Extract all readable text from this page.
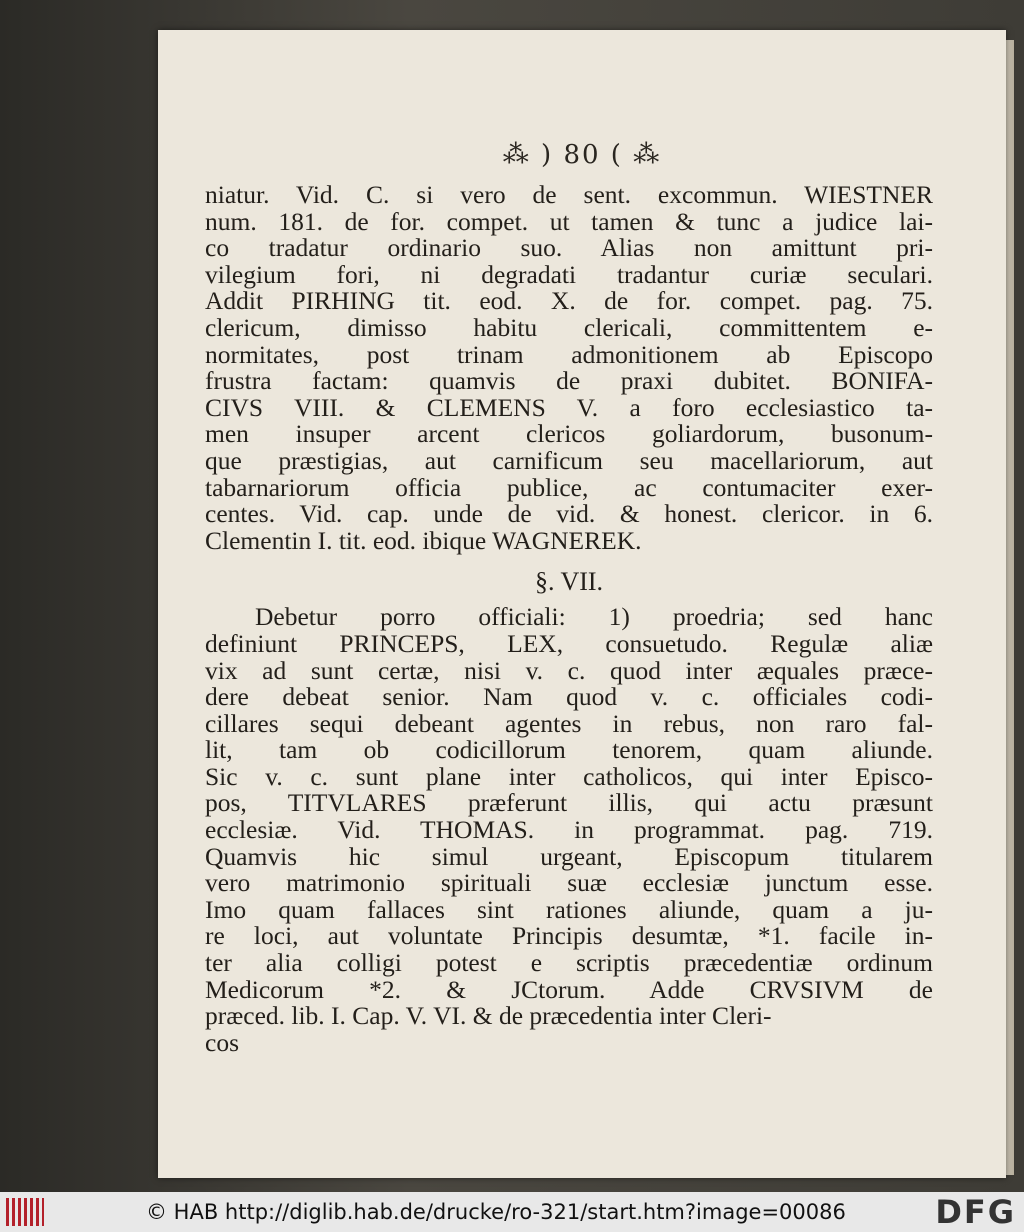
⁂ ) 80 ( ⁂
niatur. Vid. C. si vero de sent. excommun. WIESTNER
num. 181. de for. compet. ut tamen & tunc a judice lai-
co tradatur ordinario suo. Alias non amittunt pri-
vilegium fori, ni degradati tradantur curiæ seculari.
Addit PIRHING tit. eod. X. de for. compet. pag. 75.
clericum, dimisso habitu clericali, committentem e-
normitates, post trinam admonitionem ab Episcopo
frustra factam: quamvis de praxi dubitet. BONIFA-
CIVS VIII. & CLEMENS V. a foro ecclesiastico ta-
men insuper arcent clericos goliardorum, busonum-
que præstigias, aut carnificum seu macellariorum, aut
tabarnariorum officia publice, ac contumaciter exer-
centes. Vid. cap. unde de vid. & honest. clericor. in 6.
Clementin I. tit. eod. ibique WAGNEREK.
§. VII.
Debetur porro officiali: 1) proedria; sed hanc
definiunt PRINCEPS, LEX, consuetudo. Regulæ aliæ
vix ad sunt certæ, nisi v. c. quod inter æquales præce-
dere debeat senior. Nam quod v. c. officiales codi-
cillares sequi debeant agentes in rebus, non raro fal-
lit, tam ob codicillorum tenorem, quam aliunde.
Sic v. c. sunt plane inter catholicos, qui inter Episco-
pos, TITVLARES præferunt illis, qui actu præsunt
ecclesiæ. Vid. THOMAS. in programmat. pag. 719.
Quamvis hic simul urgeant, Episcopum titularem
vero matrimonio spirituali suæ ecclesiæ junctum esse.
Imo quam fallaces sint rationes aliunde, quam a ju-
re loci, aut voluntate Principis desumtæ, *1. facile in-
ter alia colligi potest e scriptis præcedentiæ ordinum
Medicorum *2. & JCtorum. Adde CRVSIVM de
præced. lib. I. Cap. V. VI. & de præcedentia inter Cleri-
cos
© HAB http://diglib.hab.de/drucke/ro-321/start.htm?image=00086	DFG
